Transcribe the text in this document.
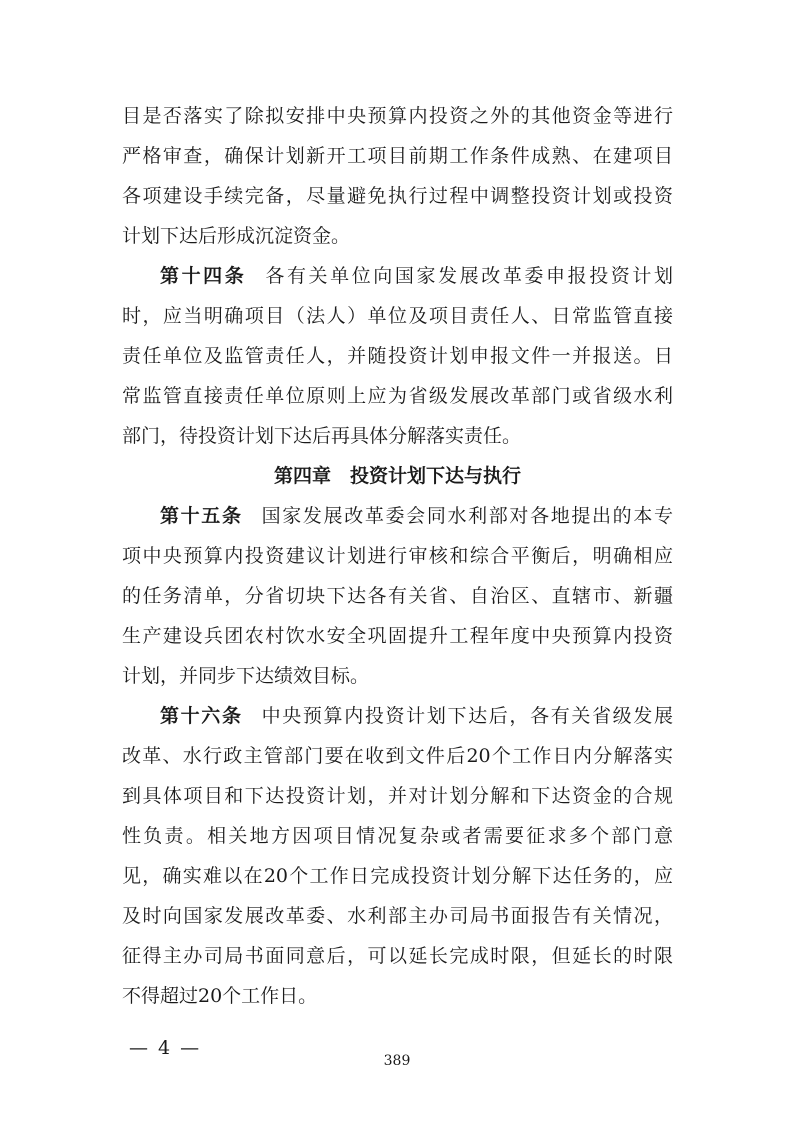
目是否落实了除拟安排中央预算内投资之外的其他资金等进行
严格审查，确保计划新开工项目前期工作条件成熟、在建项目
各项建设手续完备，尽量避免执行过程中调整投资计划或投资
计划下达后形成沉淀资金。
第十四条 各有关单位向国家发展改革委申报投资计划
时，应当明确项目（法人）单位及项目责任人、日常监管直接
责任单位及监管责任人，并随投资计划申报文件一并报送。日
常监管直接责任单位原则上应为省级发展改革部门或省级水利
部门，待投资计划下达后再具体分解落实责任。
第四章 投资计划下达与执行
第十五条 国家发展改革委会同水利部对各地提出的本专
项中央预算内投资建议计划进行审核和综合平衡后，明确相应
的任务清单，分省切块下达各有关省、自治区、直辖市、新疆
生产建设兵团农村饮水安全巩固提升工程年度中央预算内投资
计划，并同步下达绩效目标。
第十六条 中央预算内投资计划下达后，各有关省级发展
改革、水行政主管部门要在收到文件后20个工作日内分解落实
到具体项目和下达投资计划，并对计划分解和下达资金的合规
性负责。相关地方因项目情况复杂或者需要征求多个部门意
见，确实难以在20个工作日完成投资计划分解下达任务的，应
及时向国家发展改革委、水利部主办司局书面报告有关情况，
征得主办司局书面同意后，可以延长完成时限，但延长的时限
不得超过20个工作日。
— 4 —
389
